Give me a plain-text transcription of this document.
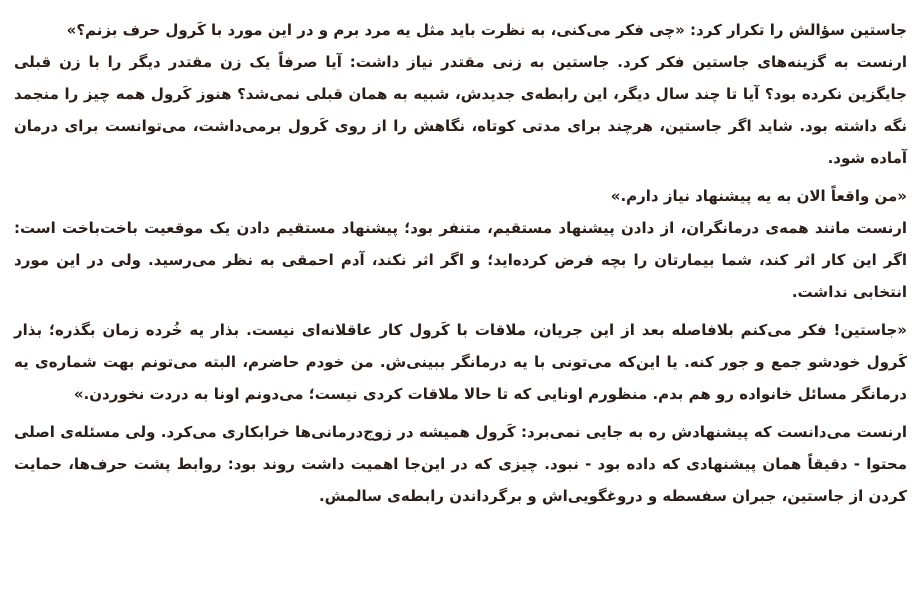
جاستین سؤالش را تکرار کرد: «چی فکر می‌کنی، به نظرت باید مثل یه مرد برم و در این مورد با کَرول حرف بزنم؟»

ارنست به گزینه‌های جاستین فکر کرد. جاستین به زنی مقتدر نیاز داشت: آیا صرفاً یک زن مقتدر دیگر را با زن قبلی جایگزین نکرده بود؟ آیا تا چند سال دیگر، این رابطه‌ی جدیدش، شبیه به همان قبلی نمی‌شد؟ هنوز کَرول همه چیز را منجمد نگه داشته بود. شاید اگر جاستین، هرچند برای مدتی کوتاه، نگاهش را از روی کَرول برمی‌داشت، می‌توانست برای درمان آماده شود.

«من واقعاً الان به یه پیشنهاد نیاز دارم.»

ارنست مانند همه‌ی درمانگران، از دادن پیشنهاد مستقیم، متنفر بود؛ پیشنهاد مستقیم دادن یک موقعیت باخت‌باخت است: اگر این کار اثر کند، شما بیمارتان را بچه فرض کرده‌اید؛ و اگر اثر نکند، آدم احمقی به نظر می‌رسید. ولی در این مورد انتخابی نداشت.

«جاستین! فکر می‌کنم بلافاصله بعد از این جریان، ملاقات با کَرول کار عاقلانه‌ای نیست. بذار یه خُرده زمان بگذره؛ بذار کَرول خودشو جمع و جور کنه. یا این‌که می‌تونی با یه درمانگر ببینی‌ش. من خودم حاضرم، البته می‌تونم بهت شماره‌ی یه درمانگر مسائل خانواده رو هم بدم. منظورم اونایی که تا حالا ملاقات کردی نیست؛ می‌دونم اونا به دردت نخوردن.»

ارنست می‌دانست که پیشنهادش ره به جایی نمی‌برد: کَرول همیشه در زوج‌درمانی‌ها خرابکاری می‌کرد. ولی مسئله‌ی اصلی محتوا - دقیقاً همان پیشنهادی که داده بود - نبود. چیزی که در این‌جا اهمیت داشت روند بود: روابط پشت حرف‌ها، حمایت کردن از جاستین، جبران سفسطه و دروغگویی‌اش و برگرداندن رابطه‌ی سالمش.
